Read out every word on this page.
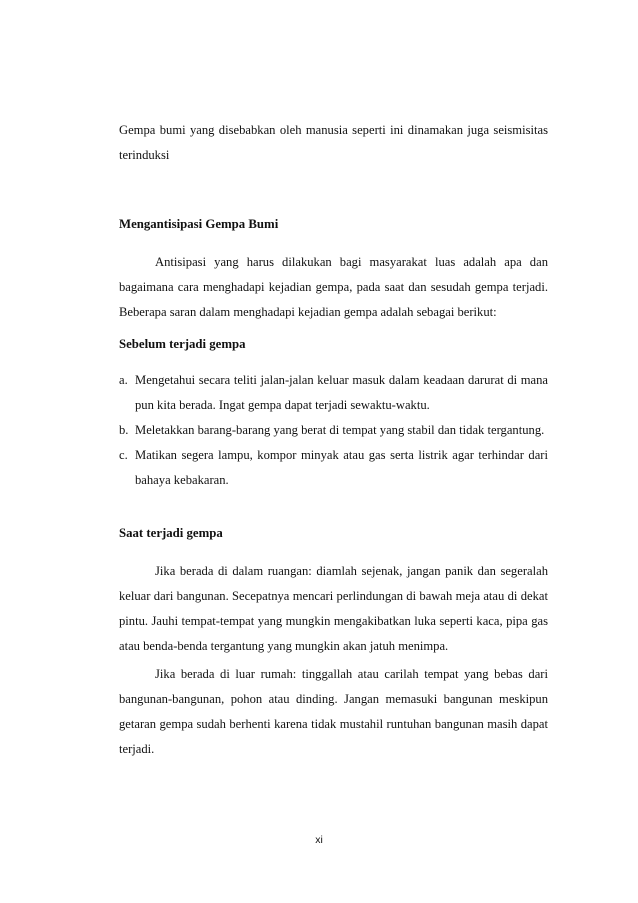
Gempa bumi yang disebabkan oleh manusia seperti ini dinamakan juga seismisitas terinduksi

Mengantisipasi Gempa Bumi

Antisipasi yang harus dilakukan bagi masyarakat luas adalah apa dan bagaimana cara menghadapi kejadian gempa, pada saat dan sesudah gempa terjadi. Beberapa saran dalam menghadapi kejadian gempa adalah sebagai berikut:

Sebelum terjadi gempa
a. Mengetahui secara teliti jalan-jalan keluar masuk dalam keadaan darurat di mana pun kita berada. Ingat gempa dapat terjadi sewaktu-waktu.
b. Meletakkan barang-barang yang berat di tempat yang stabil dan tidak tergantung.
c. Matikan segera lampu, kompor minyak atau gas serta listrik agar terhindar dari bahaya kebakaran.
Saat terjadi gempa

Jika berada di dalam ruangan: diamlah sejenak, jangan panik dan segeralah keluar dari bangunan. Secepatnya mencari perlindungan di bawah meja atau di dekat pintu. Jauhi tempat-tempat yang mungkin mengakibatkan luka seperti kaca, pipa gas atau benda-benda tergantung yang mungkin akan jatuh menimpa.

Jika berada di luar rumah: tinggallah atau carilah tempat yang bebas dari bangunan-bangunan, pohon atau dinding. Jangan memasuki bangunan meskipun getaran gempa sudah berhenti karena tidak mustahil runtuhan bangunan masih dapat terjadi.

xi
